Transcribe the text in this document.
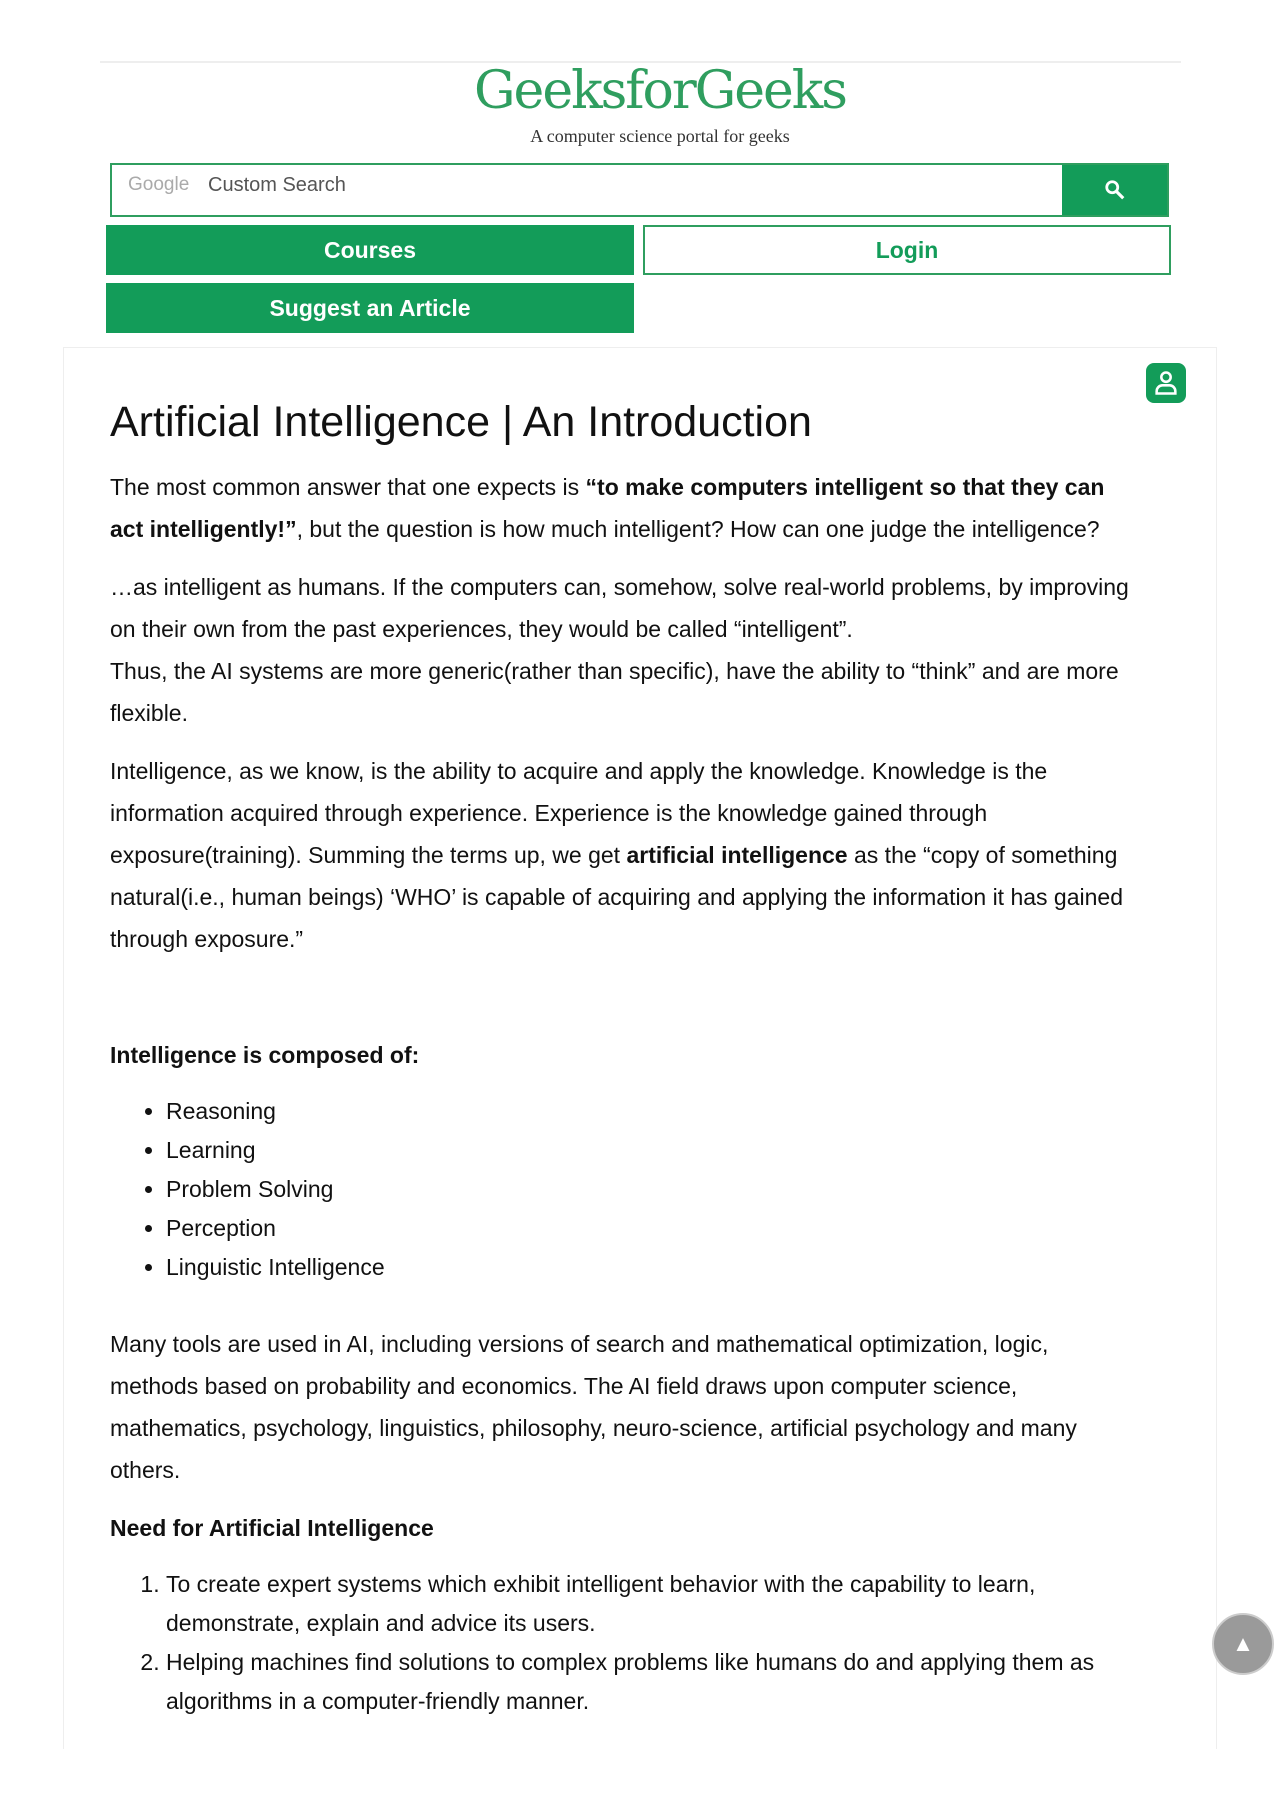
GeeksforGeeks
A computer science portal for geeks
Google Custom Search
Courses	Login
Suggest an Article
Artificial Intelligence | An Introduction

The most common answer that one expects is “to make computers intelligent so that they can act intelligently!”, but the question is how much intelligent? How can one judge the intelligence?

…as intelligent as humans. If the computers can, somehow, solve real-world problems, by improving on their own from the past experiences, they would be called “intelligent”.
Thus, the AI systems are more generic(rather than specific), have the ability to “think” and are more flexible.

Intelligence, as we know, is the ability to acquire and apply the knowledge. Knowledge is the information acquired through experience. Experience is the knowledge gained through exposure(training). Summing the terms up, we get artificial intelligence as the “copy of something natural(i.e., human beings) ‘WHO’ is capable of acquiring and applying the information it has gained through exposure.”

Intelligence is composed of:

• Reasoning
• Learning
• Problem Solving
• Perception
• Linguistic Intelligence

Many tools are used in AI, including versions of search and mathematical optimization, logic, methods based on probability and economics. The AI field draws upon computer science, mathematics, psychology, linguistics, philosophy, neuro-science, artificial psychology and many others.

Need for Artificial Intelligence

1. To create expert systems which exhibit intelligent behavior with the capability to learn, demonstrate, explain and advice its users.
2. Helping machines find solutions to complex problems like humans do and applying them as algorithms in a computer-friendly manner.
▲
